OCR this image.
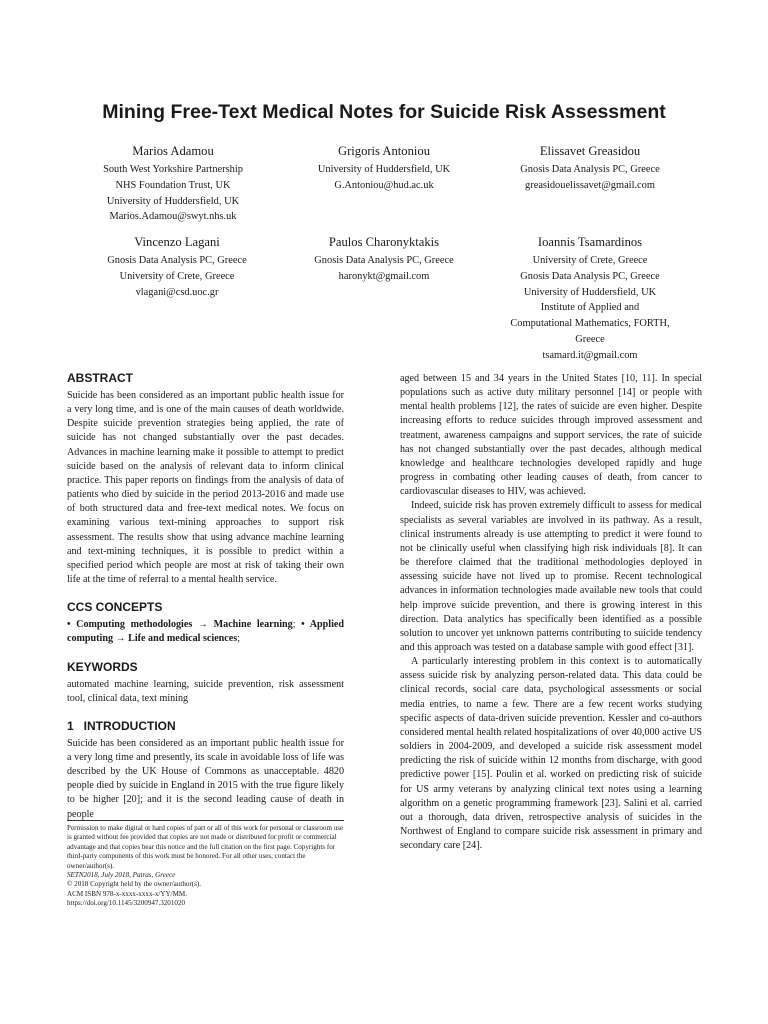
Mining Free-Text Medical Notes for Suicide Risk Assessment
Marios Adamou
South West Yorkshire Partnership
NHS Foundation Trust, UK
University of Huddersfield, UK
Marios.Adamou@swyt.nhs.uk
Grigoris Antoniou
University of Huddersfield, UK
G.Antoniou@hud.ac.uk
Elissavet Greasidou
Gnosis Data Analysis PC, Greece
greasidouelissavet@gmail.com
Vincenzo Lagani
Gnosis Data Analysis PC, Greece
University of Crete, Greece
vlagani@csd.uoc.gr
Paulos Charonyktakis
Gnosis Data Analysis PC, Greece
haronykt@gmail.com
Ioannis Tsamardinos
University of Crete, Greece
Gnosis Data Analysis PC, Greece
University of Huddersfield, UK
Institute of Applied and
Computational Mathematics, FORTH,
Greece
tsamard.it@gmail.com
ABSTRACT

Suicide has been considered as an important public health issue for a very long time, and is one of the main causes of death worldwide. Despite suicide prevention strategies being applied, the rate of suicide has not changed substantially over the past decades. Advances in machine learning make it possible to attempt to predict suicide based on the analysis of relevant data to inform clinical practice. This paper reports on findings from the analysis of data of patients who died by suicide in the period 2013-2016 and made use of both structured data and free-text medical notes. We focus on examining various text-mining approaches to support risk assessment. The results show that using advance machine learning and text-mining techniques, it is possible to predict within a specified period which people are most at risk of taking their own life at the time of referral to a mental health service.

CCS CONCEPTS

• Computing methodologies → Machine learning; • Applied computing → Life and medical sciences;

KEYWORDS

automated machine learning, suicide prevention, risk assessment tool, clinical data, text mining

1   INTRODUCTION

Suicide has been considered as an important public health issue for a very long time and presently, its scale in avoidable loss of life was described by the UK House of Commons as unacceptable. 4820 people died by suicide in England in 2015 with the true figure likely to be higher [20]; and it is the second leading cause of death in people

Permission to make digital or hard copies of part or all of this work for personal or classroom use is granted without fee provided that copies are not made or distributed for profit or commercial advantage and that copies bear this notice and the full citation on the first page. Copyrights for third-party components of this work must be honored. For all other uses, contact the owner/author(s).
SETN2018, July 2018, Patras, Greece
© 2018 Copyright held by the owner/author(s).
ACM ISBN 978-x-xxxx-xxxx-x/YY/MM.
https://doi.org/10.1145/3200947.3201020

aged between 15 and 34 years in the United States [10, 11]. In special populations such as active duty military personnel [14] or people with mental health problems [12], the rates of suicide are even higher. Despite increasing efforts to reduce suicides through improved assessment and treatment, awareness campaigns and support services, the rate of suicide has not changed substantially over the past decades, although medical knowledge and healthcare technologies developed rapidly and huge progress in combating other leading causes of death, from cancer to cardiovascular diseases to HIV, was achieved.

Indeed, suicide risk has proven extremely difficult to assess for medical specialists as several variables are involved in its pathway. As a result, clinical instruments already is use attempting to predict it were found to not be clinically useful when classifying high risk individuals [8]. It can be therefore claimed that the traditional methodologies deployed in assessing suicide have not lived up to promise. Recent technological advances in information technologies made available new tools that could help improve suicide prevention, and there is growing interest in this direction. Data analytics has specifically been identified as a possible solution to uncover yet unknown patterns contributing to suicide tendency and this approach was tested on a database sample with good effect [31].

A particularly interesting problem in this context is to automatically assess suicide risk by analyzing person-related data. This data could be clinical records, social care data, psychological assessments or social media entries, to name a few. There are a few recent works studying specific aspects of data-driven suicide prevention. Kessler and co-authors considered mental health related hospitalizations of over 40,000 active US soldiers in 2004-2009, and developed a suicide risk assessment model predicting the risk of suicide within 12 months from discharge, with good predictive power [15]. Poulin et al. worked on predicting risk of suicide for US army veterans by analyzing clinical text notes using a learning algorithm on a genetic programming framework [23]. Salini et al. carried out a thorough, data driven, retrospective analysis of suicides in the Northwest of England to compare suicide risk assessment in primary and secondary care [24].
